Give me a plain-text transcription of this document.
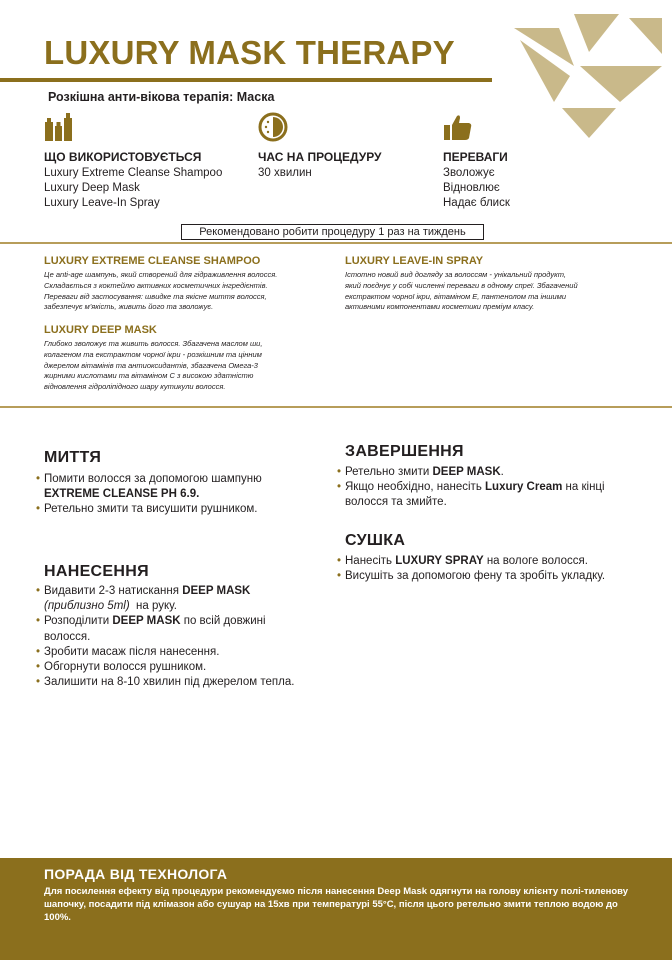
LUXURY MASK THERAPY
Розкішна анти-вікова терапія: Маска
ЩО ВИКОРИСТОВУЄТЬСЯ
Luxury Extreme Cleanse Shampoo
Luxury Deep Mask
Luxury Leave-In Spray
ЧАС НА ПРОЦЕДУРУ
30 хвилин
ПЕРЕВАГИ
Зволожує
Відновлює
Надає блиск
Рекомендовано робити процедуру 1 раз на тиждень
LUXURY EXTREME CLEANSE SHAMPOO
Це anti-age шампунь, який створений для гідрaживлення волосся.
Складається з коктейлю активних косметичних інгредієнтів.
Переваги від застосування: швидке та якісне миття волосся,
забезпечує м'якість, живить його та зволожує.
LUXURY LEAVE-IN SPRAY
Істотно новий вид догляду за волоссям - унікальний продукт,
який поєднує у собі численні переваги в одному спреї. Збагачений
екстрактом чорної ікри, вітаміном Е, пантенолом та іншими
активними компонентами косметики преміум класу.
LUXURY DEEP MASK
Глибоко зволожує та живить волосся. Збагачена маслом ши,
колагеном та екстрактом чорної ікри - розкішним та цінним
джерелом вітамінів та антиоксидантів, збагачена Омега-3
жирними кислотами та вітаміном С з високою здатністю
відновлення гідроліпідного шару кутикули волосся.
МИТТЯ
• Помити волосся за допомогою шампуню
EXTREME CLEANSE PH 6.9.
• Ретельно змити та висушити рушником.
НАНЕСЕННЯ
• Видавити 2-3 натискання DEEP MASK
(приблизно 5ml)  на руку.
• Розподілити DEEP MASK по всій довжині
волосся.
• Зробити масаж після нанесення.
• Обгорнути волосся рушником.
• Залишити на 8-10 хвилин під джерелом тепла.
ЗАВЕРШЕННЯ
• Ретельно змити DEEP MASK.
• Якщо необхідно, нанесіть Luxury Cream на кінці
волосся та змийте.
СУШКА
• Нанесіть LUXURY SPRAY на вологе волосся.
• Висушіть за допомогою фену та зробіть укладку.
ПОРАДА ВІД ТЕХНОЛОГА
Для посилення ефекту від процедури рекомендуємо після нанесення Deep Mask одягнути на голову клієнту полі-тиленову шапочку, посадити під клімазон або сушуар на 15хв при температурі 55°С, після цього ретельно змити теплою водою до 100%.
